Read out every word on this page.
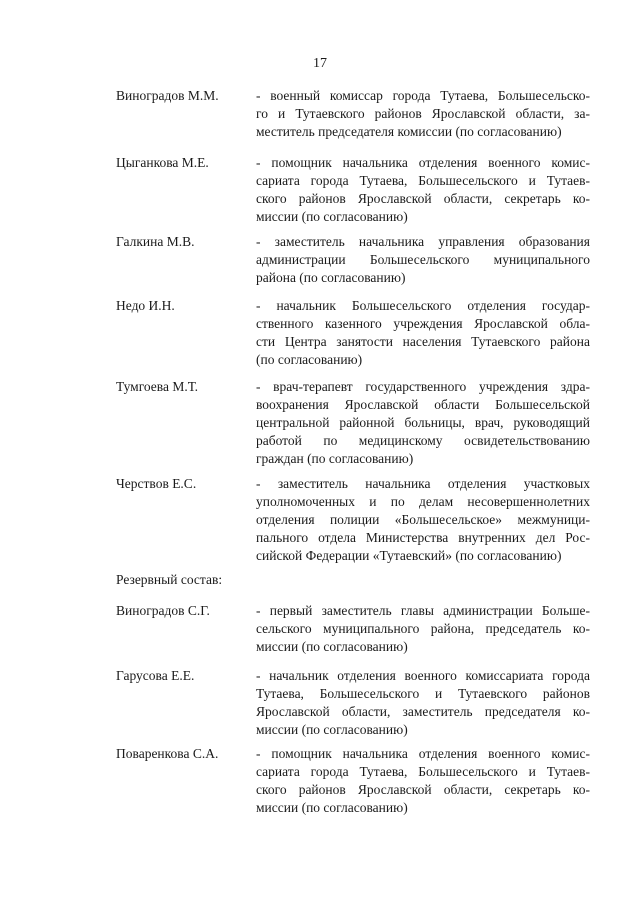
17
Виноградов М.М.	- военный комиссар города Тутаева, Большесельско-
го и Тутаевского районов Ярославской области, за-
меститель председателя комиссии (по согласованию)
Цыганкова М.Е.	- помощник начальника отделения военного комис-
сариата города Тутаева, Большесельского и Тутаев-
ского районов Ярославской области, секретарь ко-
миссии (по согласованию)
Галкина М.В.	- заместитель начальника управления образования
администрации Большесельского муниципального
района (по согласованию)
Недо И.Н.	- начальник Большесельского отделения государ-
ственного казенного учреждения Ярославской обла-
сти Центра занятости населения Тутаевского района
(по согласованию)
Тумгоева М.Т.	- врач-терапевт государственного учреждения здра-
воохранения Ярославской области Большесельской
центральной районной больницы, врач, руководящий
работой по медицинскому освидетельствованию
граждан (по согласованию)
Черствов Е.С.	- заместитель начальника отделения участковых
уполномоченных и по делам несовершеннолетних
отделения полиции «Большесельское» межмуници-
пального отдела Министерства внутренних дел Рос-
сийской Федерации «Тутаевский» (по согласованию)
Резервный состав:
Виноградов С.Г.	- первый заместитель главы администрации Больше-
сельского муниципального района, председатель ко-
миссии (по согласованию)
Гарусова Е.Е.	- начальник отделения военного комиссариата города
Тутаева, Большесельского и Тутаевского районов
Ярославской области, заместитель председателя ко-
миссии (по согласованию)
Поваренкова С.А.	- помощник начальника отделения военного комис-
сариата города Тутаева, Большесельского и Тутаев-
ского районов Ярославской области, секретарь ко-
миссии (по согласованию)
